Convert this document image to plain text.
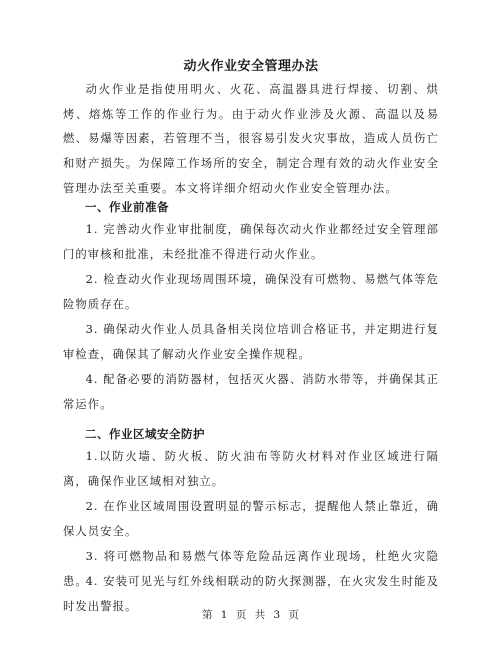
动火作业安全管理办法

动火作业是指使用明火、火花、高温器具进行焊接、切割、烘烤、熔炼等工作的作业行为。由于动火作业涉及火源、高温以及易燃、易爆等因素，若管理不当，很容易引发火灾事故，造成人员伤亡和财产损失。为保障工作场所的安全，制定合理有效的动火作业安全管理办法至关重要。本文将详细介绍动火作业安全管理办法。

一、作业前准备

1. 完善动火作业审批制度，确保每次动火作业都经过安全管理部门的审核和批准，未经批准不得进行动火作业。

2. 检查动火作业现场周围环境，确保没有可燃物、易燃气体等危险物质存在。

3. 确保动火作业人员具备相关岗位培训合格证书，并定期进行复审检查，确保其了解动火作业安全操作规程。

4. 配备必要的消防器材，包括灭火器、消防水带等，并确保其正常运作。

二、作业区域安全防护

1.以防火墙、防火板、防火油布等防火材料对作业区域进行隔离，确保作业区域相对独立。

2. 在作业区域周围设置明显的警示标志，提醒他人禁止靠近，确保人员安全。

3. 将可燃物品和易燃气体等危险品远离作业现场，杜绝火灾隐患。

第 1 页 共 3 页

4. 安装可见光与红外线相联动的防火探测器，在火灾发生时能及时发出警报。
